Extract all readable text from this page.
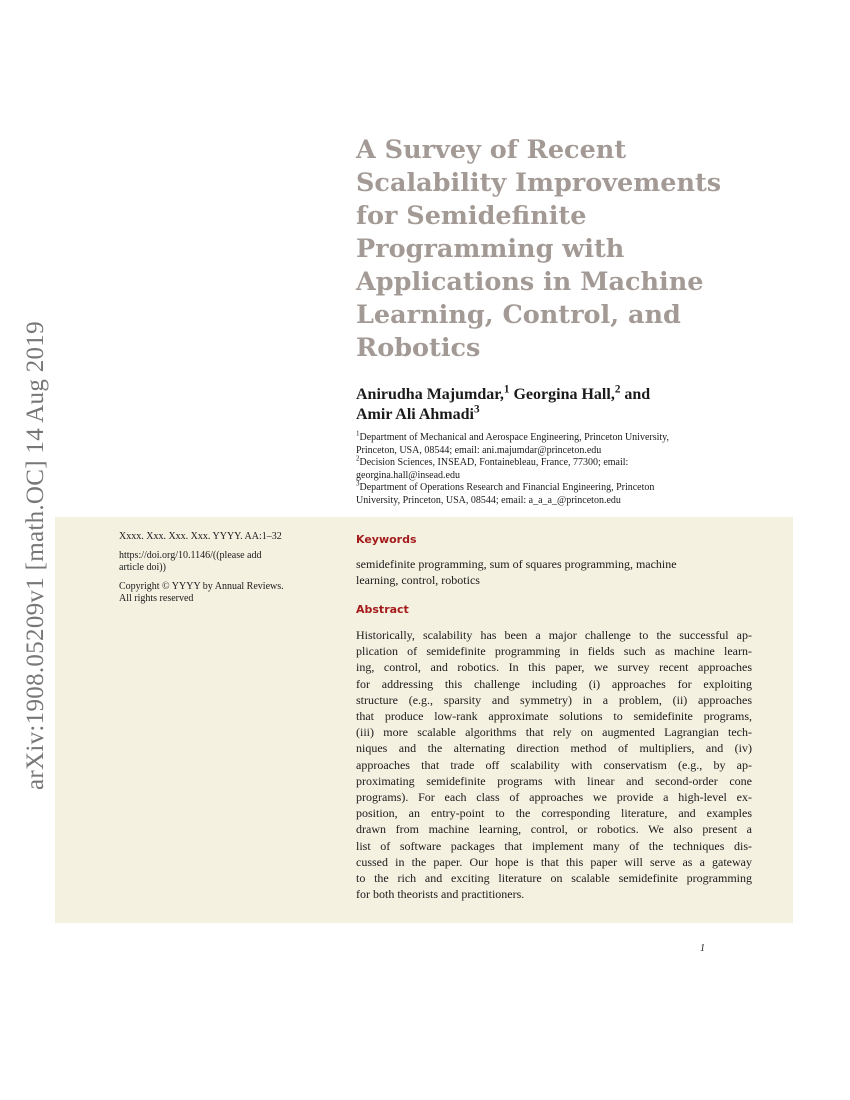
arXiv:1908.05209v1 [math.OC] 14 Aug 2019
A Survey of Recent
Scalability Improvements
for Semidefinite
Programming with
Applications in Machine
Learning, Control, and
Robotics
Anirudha Majumdar,$^1$ Georgina Hall,$^2$ and
Amir Ali Ahmadi$^3$
$^1$Department of Mechanical and Aerospace Engineering, Princeton University,
Princeton, USA, 08544; email: ani.majumdar@princeton.edu
$^2$Decision Sciences, INSEAD, Fontainebleau, France, 77300; email:
georgina.hall@insead.edu
$^3$Department of Operations Research and Financial Engineering, Princeton
University, Princeton, USA, 08544; email: a_a_a_@princeton.edu
Xxxx. Xxx. Xxx. Xxx. YYYY. AA:1–32
https://doi.org/10.1146/((please add
article doi))
Copyright © YYYY by Annual Reviews.
All rights reserved
Keywords
semidefinite programming, sum of squares programming, machine
learning, control, robotics
Abstract
Historically, scalability has been a major challenge to the successful ap-
plication of semidefinite programming in fields such as machine learn-
ing, control, and robotics. In this paper, we survey recent approaches
for addressing this challenge including (i) approaches for exploiting
structure (e.g., sparsity and symmetry) in a problem, (ii) approaches
that produce low-rank approximate solutions to semidefinite programs,
(iii) more scalable algorithms that rely on augmented Lagrangian tech-
niques and the alternating direction method of multipliers, and (iv)
approaches that trade off scalability with conservatism (e.g., by ap-
proximating semidefinite programs with linear and second-order cone
programs). For each class of approaches we provide a high-level ex-
position, an entry-point to the corresponding literature, and examples
drawn from machine learning, control, or robotics. We also present a
list of software packages that implement many of the techniques dis-
cussed in the paper. Our hope is that this paper will serve as a gateway
to the rich and exciting literature on scalable semidefinite programming
for both theorists and practitioners.
1
